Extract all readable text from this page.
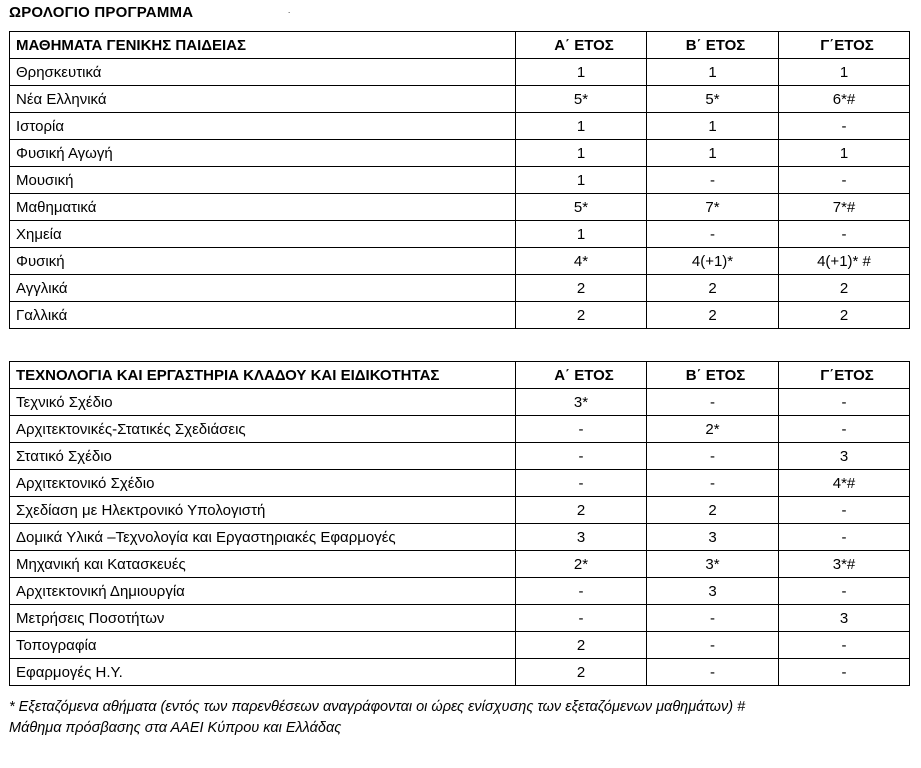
ΩΡΟΛΟΓΙΟ ΠΡΟΓΡΑΜΜΑ	.
ΜΑΘΗΜΑΤΑ ΓΕΝΙΚΗΣ ΠΑΙΔΕΙΑΣ	Α΄ ΕΤΟΣ	Β΄ ΕΤΟΣ	Γ΄ΕΤΟΣ
Θρησκευτικά	1	1	1
Νέα Ελληνικά	5*	5*	6*#
Ιστορία	1	1	-
Φυσική Αγωγή	1	1	1
Μουσική	1	-	-
Μαθηματικά	5*	7*	7*#
Χημεία	1	-	-
Φυσική	4*	4(+1)*	4(+1)* #
Αγγλικά	2	2	2
Γαλλικά	2	2	2
ΤΕΧΝΟΛΟΓΙΑ ΚΑΙ ΕΡΓΑΣΤΗΡΙΑ ΚΛΑΔΟΥ ΚΑΙ ΕΙΔΙΚΟΤΗΤΑΣ	Α΄ ΕΤΟΣ	Β΄ ΕΤΟΣ	Γ΄ΕΤΟΣ
Τεχνικό Σχέδιο	3*	-	-
Αρχιτεκτονικές-Στατικές Σχεδιάσεις	-	2*	-
Στατικό Σχέδιο	-	-	3
Αρχιτεκτονικό Σχέδιο	-	-	4*#
Σχεδίαση με Ηλεκτρονικό Υπολογιστή	2	2	-
Δομικά Υλικά –Τεχνολογία και Εργαστηριακές Εφαρμογές	3	3	-
Μηχανική και Κατασκευές	2*	3*	3*#
Αρχιτεκτονική Δημιουργία	-	3	-
Μετρήσεις Ποσοτήτων	-	-	3
Τοπογραφία	2	-	-
Εφαρμογές Η.Υ.	2	-	-
* Εξεταζόμενα αθήματα (εντός των παρενθέσεων αναγράφονται οι ώρες ενίσχυσης των εξεταζόμενων μαθημάτων) #
Μάθημα πρόσβασης στα ΑΑΕΙ Κύπρου και Ελλάδας
